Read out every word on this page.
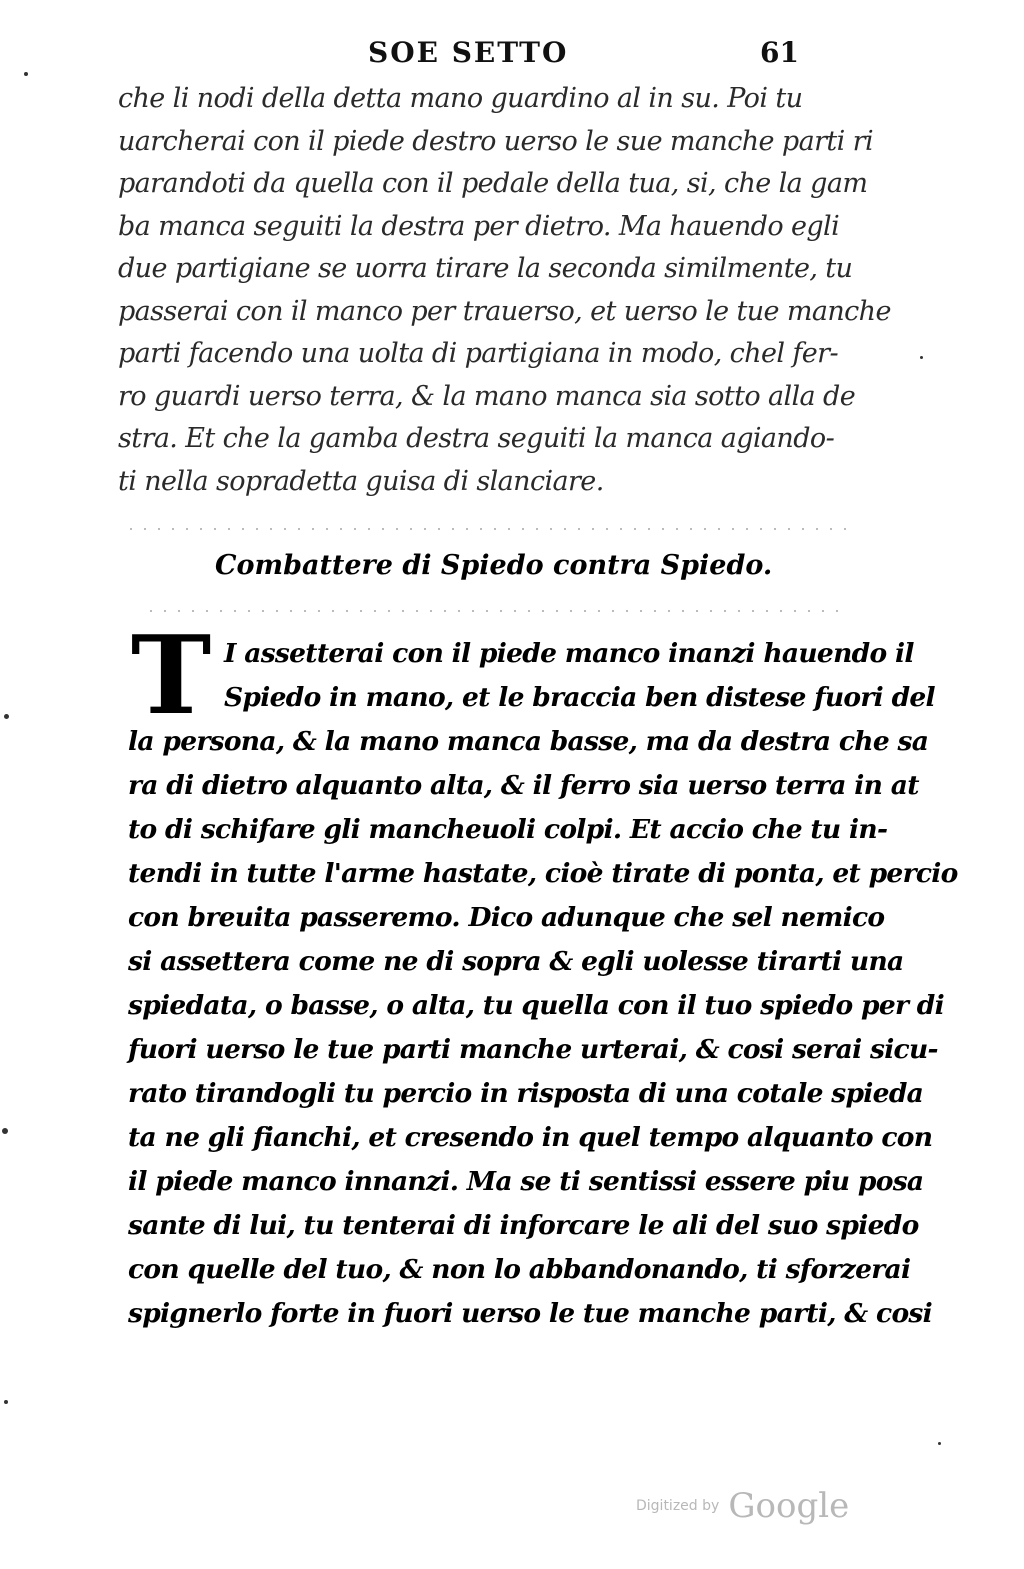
SOE SETTO	61
che li nodi della detta mano guardino al in su. Poi tu
uarcherai con il piede destro uerso le sue manche parti ri
parandoti da quella con il pedale della tua, si, che la gam
ba manca seguiti la destra per dietro. Ma hauendo egli
due partigiane se uorra tirare la seconda similmente, tu
passerai con il manco per trauerso, et uerso le tue manche
parti facendo una uolta di partigiana in modo, chel fer-
ro guardi uerso terra, & la mano manca sia sotto alla de
stra. Et che la gamba destra seguiti la manca agiando-
ti nella sopradetta guisa di slanciare.
Combattere di Spiedo contra Spiedo.
T I assetterai con il piede manco inanzi hauendo il
Spiedo in mano, et le braccia ben distese fuori del
la persona, & la mano manca basse, ma da destra che sa
ra di dietro alquanto alta, & il ferro sia uerso terra in at
to di schifare gli mancheuoli colpi. Et accio che tu in-
tendi in tutte l'arme hastate, cioè tirate di ponta, et percio
con breuita passeremo. Dico adunque che sel nemico
si assettera come ne di sopra & egli uolesse tirarti una
spiedata, o basse, o alta, tu quella con il tuo spiedo per di
fuori uerso le tue parti manche urterai, & cosi serai sicu-
rato tirandogli tu percio in risposta di una cotale spieda
ta ne gli fianchi, et cresendo in quel tempo alquanto con
il piede manco innanzi. Ma se ti sentissi essere piu posa
sante di lui, tu tenterai di inforcare le ali del suo spiedo
con quelle del tuo, & non lo abbandonando, ti sforzerai
spignerlo forte in fuori uerso le tue manche parti, & cosi
Digitized by Google
